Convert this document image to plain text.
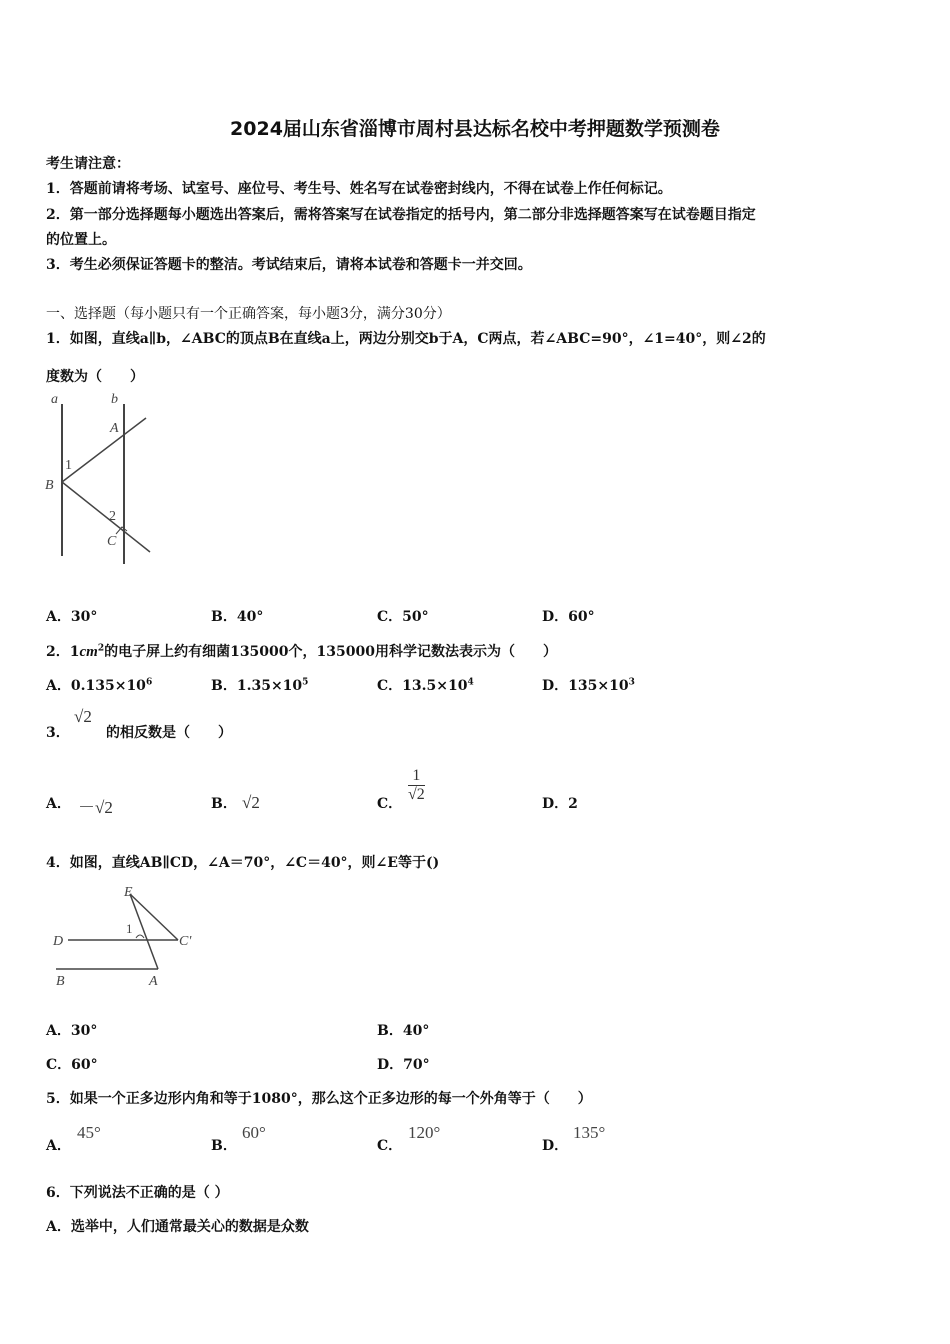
2024届山东省淄博市周村县达标名校中考押题数学预测卷
考生请注意：
1．答题前请将考场、试室号、座位号、考生号、姓名写在试卷密封线内，不得在试卷上作任何标记。
2．第一部分选择题每小题选出答案后，需将答案写在试卷指定的括号内，第二部分非选择题答案写在试卷题目指定
的位置上。
3．考生必须保证答题卡的整洁。考试结束后，请将本试卷和答题卡一并交回。
一、选择题（每小题只有一个正确答案，每小题3分，满分30分）
1．如图，直线a∥b，∠ABC的顶点B在直线a上，两边分别交b于A，C两点，若∠ABC=90°，∠1=40°，则∠2的
度数为（　　）
a	b
A
B
C
1
2
A．30°	B．40°	C．50°	D．60°
2．$1cm^2$的电子屏上约有细菌135000个，135000用科学记数法表示为（　　）
A．$0.135\times 10^6$	B．$1.35\times 10^5$	C．$13.5\times 10^4$	D．$135\times 10^3$
3．
√2
的相反数是（　　）
A． －√2	B． √2	C． $\frac{1}{√2}$	D．2
4．如图，直线AB∥CD，∠A＝70°，∠C＝40°，则∠E等于()
E
D	C'
B	A
1
A．30°	B．40°
C．60°	D．70°
5．如果一个正多边形内角和等于1080°，那么这个正多边形的每一个外角等于（　　）
A．
45°
B．
60°
C．
120°
D．
135°
6．下列说法不正确的是（ ）
A．选举中，人们通常最关心的数据是众数
